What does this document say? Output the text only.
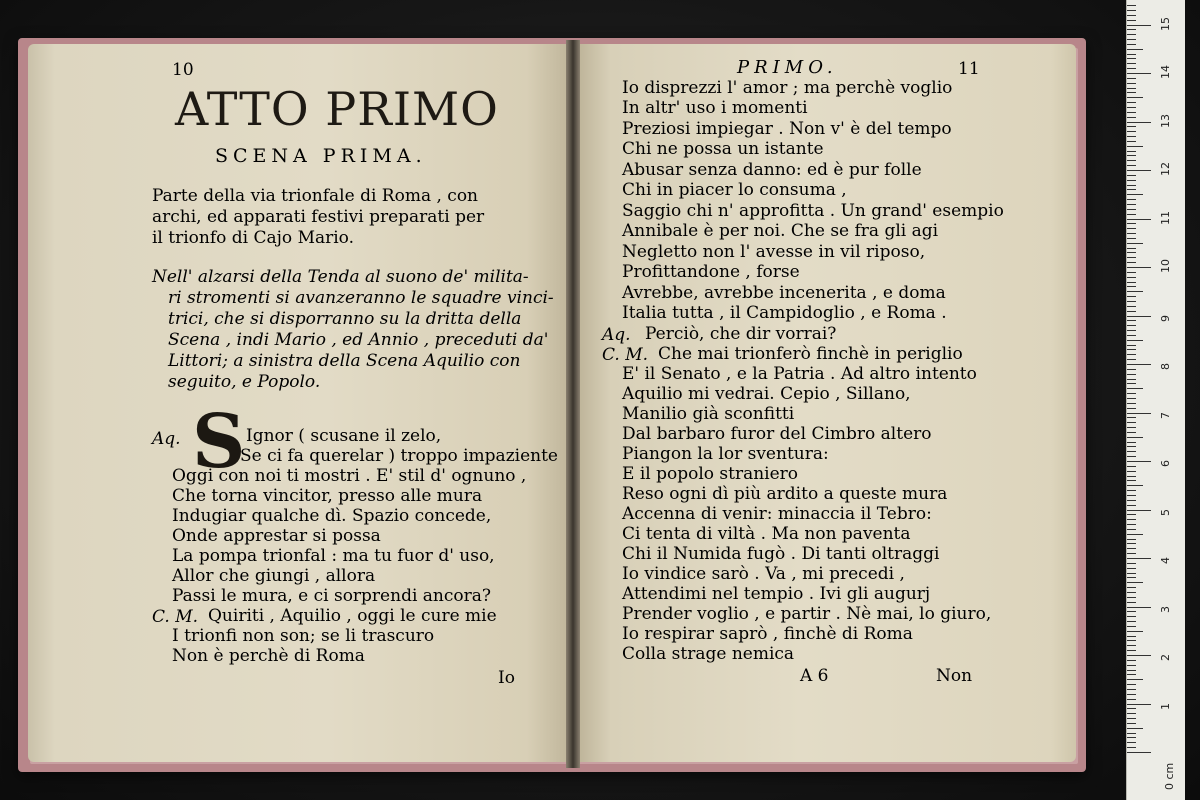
10
ATTO PRIMO
SCENA PRIMA.
Parte della via trionfale di Roma , con
archi, ed apparati festivi preparati per
il trionfo di Cajo Mario.
Nell' alzarsi della Tenda al suono de' milita-
ri stromenti si avanzeranno le squadre vinci-
trici, che si disporranno su la dritta della
Scena , indi Mario , ed Annio , preceduti da'
Littori; a sinistra della Scena Aquilio con
seguito, e Popolo.
Aq. S Ignor ( scusane il zelo,
Se ci fa querelar ) troppo impaziente
Oggi con noi ti mostri . E' stil d' ognuno ,
Che torna vincitor, presso alle mura
Indugiar qualche dì. Spazio concede,
Onde apprestar si possa
La pompa trionfal : ma tu fuor d' uso,
Allor che giungi , allora
Passi le mura, e ci sorprendi ancora?
Quiriti , Aquilio , oggi le cure mie
I trionfi non son; se li trascuro
Non è perchè di Roma
C. M.
Io
PRIMO.	11
Io disprezzi l' amor ; ma perchè voglio
In altr' uso i momenti
Preziosi impiegar . Non v' è del tempo
Chi ne possa un istante
Abusar senza danno: ed è pur folle
Chi in piacer lo consuma ,
Saggio chi n' approfitta . Un grand' esempio
Annibale è per noi. Che se fra gli agi
Negletto non l' avesse in vil riposo,
Profittandone , forse
Avrebbe, avrebbe incenerita , e doma
Italia tutta , il Campidoglio , e Roma .
Perciò, che dir vorrai?
Che mai trionferò finchè in periglio
E' il Senato , e la Patria . Ad altro intento
Aquilio mi vedrai. Cepio , Sillano,
Manilio già sconfitti
Dal barbaro furor del Cimbro altero
Piangon la lor sventura:
E il popolo straniero
Reso ogni dì più ardito a queste mura
Accenna di venir: minaccia il Tebro:
Ci tenta di viltà . Ma non paventa
Chi il Numida fugò . Di tanti oltraggi
Io vindice sarò . Va , mi precedi ,
Attendimi nel tempio . Ivi gli augurj
Prender voglio , e partir . Nè mai, lo giuro,
Io respirar saprò , finchè di Roma
Colla strage nemica
Aq.
C. M.
A 6	Non
0 cm
1
2
3
4
5
6
7
8
9
10
11
12
13
14
15
